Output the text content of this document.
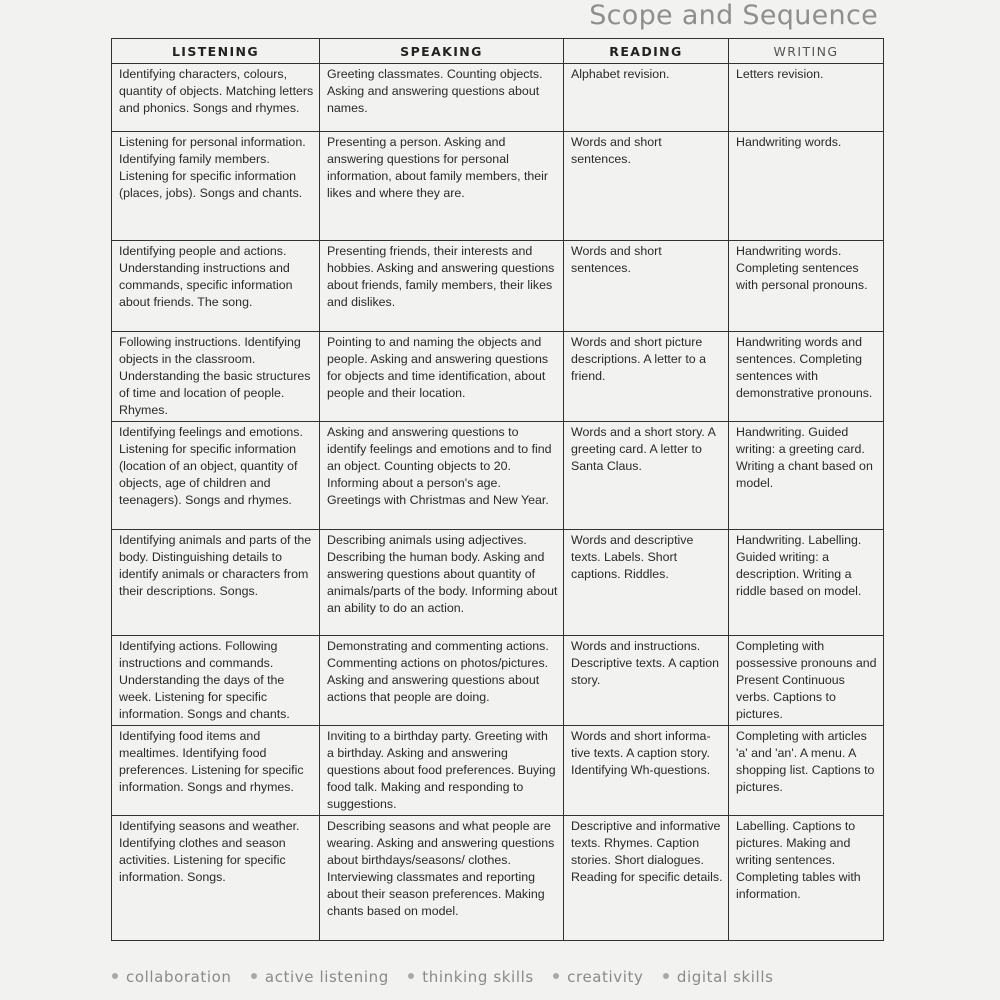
Scope and Sequence
LISTENING	SPEAKING	READING	WRITING
Identifying characters, colours, quantity of objects. Matching letters and phonics. Songs and rhymes.	Greeting classmates. Counting objects. Asking and answering questions about names.	Alphabet revision.	Letters revision.
Listening for personal information. Identifying family members. Listening for specific information (places, jobs). Songs and chants.	Presenting a person. Asking and answering questions for personal information, about family members, their likes and where they are.	Words and short sentences.	Handwriting words.
Identifying people and actions. Understanding instructions and commands, specific information about friends. The song.	Presenting friends, their interests and hobbies. Asking and answering questions about friends, family members, their likes and dislikes.	Words and short sentences.	Handwriting words. Completing sentences with personal pronouns.
Following instructions. Identifying objects in the classroom. Understanding the basic structures of time and location of people. Rhymes.	Pointing to and naming the objects and people. Asking and answering questions for objects and time identification, about people and their location.	Words and short picture descriptions. A letter to a friend.	Handwriting words and sentences. Completing sentences with demonstrative pronouns.
Identifying feelings and emotions. Listening for specific information (location of an object, quantity of objects, age of children and teenagers). Songs and rhymes.	Asking and answering questions to identify feelings and emotions and to find an object. Counting objects to 20. Informing about a person's age. Greetings with Christmas and New Year.	Words and a short story. A greeting card. A letter to Santa Claus.	Handwriting. Guided writing: a greeting card. Writing a chant based on model.
Identifying animals and parts of the body. Distinguishing details to identify animals or characters from their descriptions. Songs.	Describing animals using adjectives. Describing the human body. Asking and answering questions about quantity of animals/parts of the body. Informing about an ability to do an action.	Words and descriptive texts. Labels. Short captions. Riddles.	Handwriting. Labelling. Guided writing: a description. Writing a riddle based on model.
Identifying actions. Following instructions and commands. Understanding the days of the week. Listening for specific information. Songs and chants.	Demonstrating and commenting actions. Commenting actions on photos/pictures. Asking and answering questions about actions that people are doing.	Words and instructions. Descriptive texts. A caption story.	Completing with possessive pronouns and Present Continuous verbs. Captions to pictures.
Identifying food items and mealtimes. Identifying food preferences. Listening for specific information. Songs and rhymes.	Inviting to a birthday party. Greeting with a birthday. Asking and answering questions about food preferences. Buying food talk. Making and responding to suggestions.	Words and short informa-tive texts. A caption story. Identifying Wh-questions.	Completing with articles 'a' and 'an'. A menu. A shopping list. Captions to pictures.
Identifying seasons and weather. Identifying clothes and season activities. Listening for specific information. Songs.	Describing seasons and what people are wearing. Asking and answering questions about birthdays/seasons/ clothes. Interviewing classmates and reporting about their season preferences. Making chants based on model.	Descriptive and informative texts. Rhymes. Caption stories. Short dialogues. Reading for specific details.	Labelling. Captions to pictures. Making and writing sentences. Completing tables with information.
collaboration active listening thinking skills creativity digital skills
